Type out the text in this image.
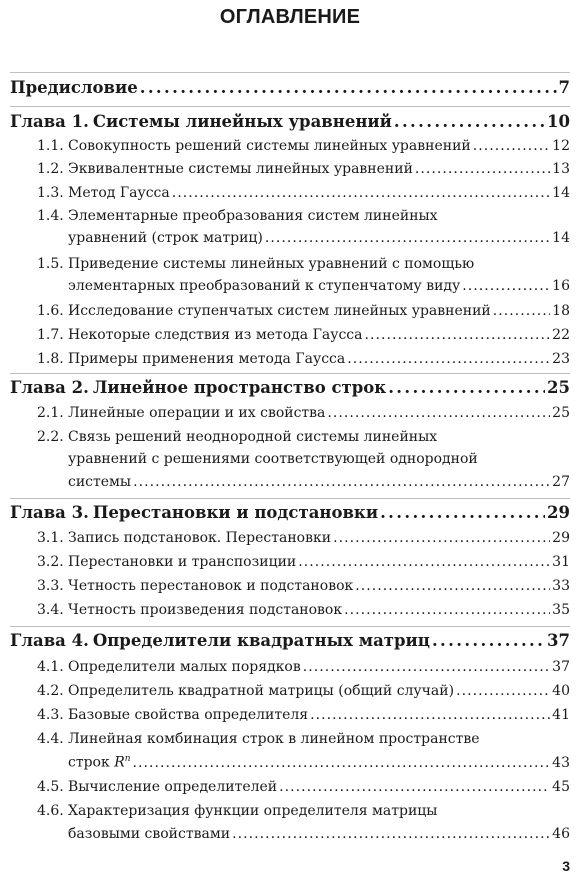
ОГЛАВЛЕНИЕ
Предисловие . . .	7
Глава 1. Системы линейных уравнений . . .	10
1.1. Совокупность решений системы линейных уравнений . . .	12
1.2. Эквивалентные системы линейных уравнений . . .	13
1.3. Метод Гаусса . . .	14
1.4. Элементарные преобразования систем линейных
уравнений (строк матриц) . . .	14
1.5. Приведение системы линейных уравнений с помощью
элементарных преобразований к ступенчатому виду . . .	16
1.6. Исследование ступенчатых систем линейных уравнений . . .	18
1.7. Некоторые следствия из метода Гаусса . . .	22
1.8. Примеры применения метода Гаусса . . .	23
Глава 2. Линейное пространство строк . . .	25
2.1. Линейные операции и их свойства . . .	25
2.2. Связь решений неоднородной системы линейных
уравнений с решениями соответствующей однородной
системы . . .	27
Глава 3. Перестановки и подстановки . . .	29
3.1. Запись подстановок. Перестановки . . .	29
3.2. Перестановки и транспозиции . . .	31
3.3. Четность перестановок и подстановок . . .	33
3.4. Четность произведения подстановок . . .	35
Глава 4. Определители квадратных матриц . . .	37
4.1. Определители малых порядков . . .	37
4.2. Определитель квадратной матрицы (общий случай) . . .	40
4.3. Базовые свойства определителя . . .	41
4.4. Линейная комбинация строк в линейном пространстве
строк $R^n$ . . .	43
4.5. Вычисление определителей . . .	45
4.6. Характеризация функции определителя матрицы
базовыми свойствами . . .	46
3
